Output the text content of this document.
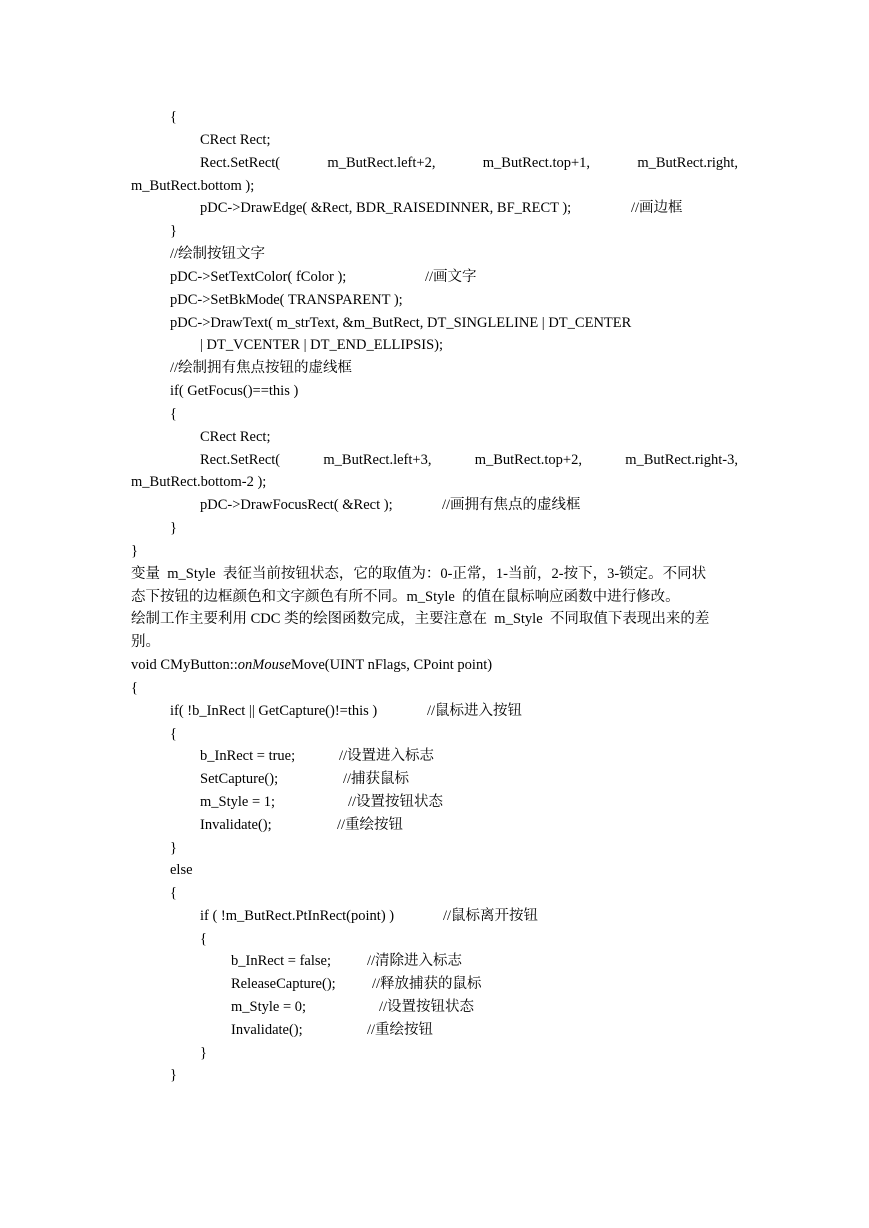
{
CRect Rect;
Rect.SetRect(	m_ButRect.left+2,	m_ButRect.top+1,	m_ButRect.right,
m_ButRect.bottom );
pDC->DrawEdge( &Rect, BDR_RAISEDINNER, BF_RECT );	//画边框
}
//绘制按钮文字
pDC->SetTextColor( fColor );	//画文字
pDC->SetBkMode( TRANSPARENT );
pDC->DrawText( m_strText, &m_ButRect, DT_SINGLELINE | DT_CENTER
| DT_VCENTER | DT_END_ELLIPSIS);
//绘制拥有焦点按钮的虚线框
if( GetFocus()==this )
{
CRect Rect;
Rect.SetRect(	m_ButRect.left+3,	m_ButRect.top+2,	m_ButRect.right-3,
m_ButRect.bottom-2 );
pDC->DrawFocusRect( &Rect );	//画拥有焦点的虚线框
}
}
变量  m_Style  表征当前按钮状态，它的取值为：0-正常，1-当前，2-按下，3-锁定。不同状
态下按钮的边框颜色和文字颜色有所不同。m_Style  的值在鼠标响应函数中进行修改。
绘制工作主要利用 CDC 类的绘图函数完成，主要注意在  m_Style  不同取值下表现出来的差
别。
void CMyButton::onMouseMove(UINT nFlags, CPoint point)
{
if( !b_InRect || GetCapture()!=this )	//鼠标进入按钮
{
b_InRect = true;	//设置进入标志
SetCapture();	//捕获鼠标
m_Style = 1;	//设置按钮状态
Invalidate();	//重绘按钮
}
else
{
if ( !m_ButRect.PtInRect(point) )	//鼠标离开按钮
{
b_InRect = false; //清除进入标志
ReleaseCapture();	//释放捕获的鼠标
m_Style = 0;	//设置按钮状态
Invalidate();	//重绘按钮
}
}
